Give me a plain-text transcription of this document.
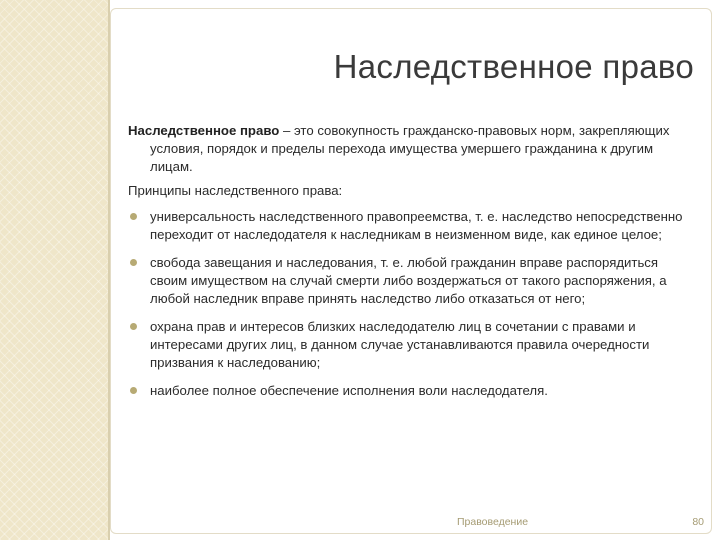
Наследственное право

Наследственное право – это совокупность гражданско-правовых норм, закрепляющих условия, порядок и пределы перехода имущества умершего гражданина к другим лицам.

Принципы наследственного права:

универсальность наследственного правопреемства, т. е. наследство непосредственно переходит от наследодателя к наследникам в неизменном виде, как единое целое;
свобода завещания и наследования, т. е. любой гражданин вправе распорядиться своим имуществом на случай смерти либо воздержаться от такого распоряжения, а любой наследник вправе принять наследство либо отказаться от него;
охрана прав и интересов близких наследодателю лиц в сочетании с правами и интересами других лиц, в данном случае устанавливаются правила очередности призвания к наследованию;
наиболее полное обеспечение исполнения воли наследодателя.
Правоведение	80
